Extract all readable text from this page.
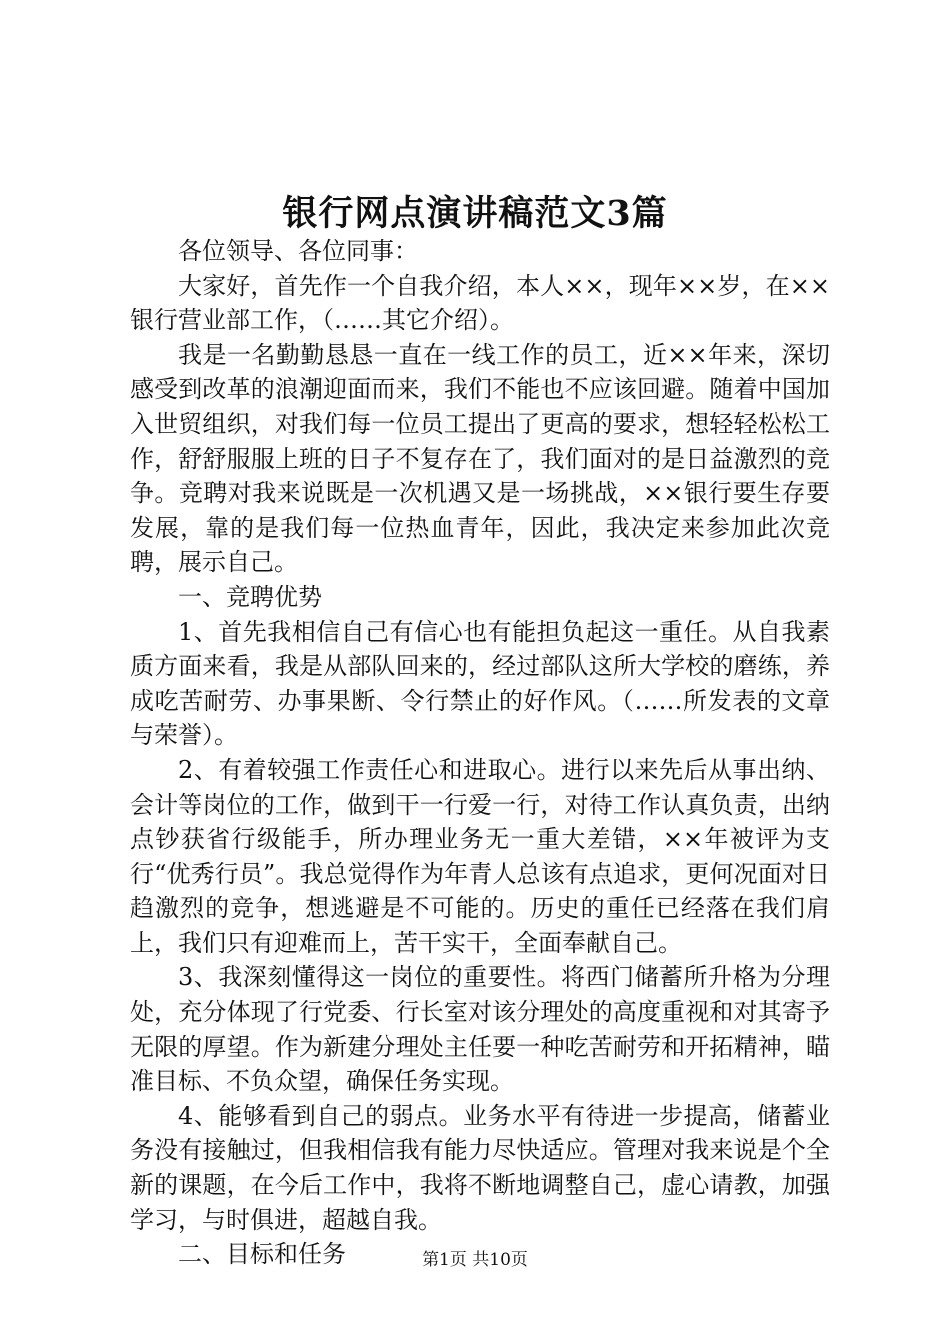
银行网点演讲稿范文3篇

各位领导、各位同事：

大家好，首先作一个自我介绍，本人××，现年××岁，在××银行营业部工作，（……其它介绍）。

我是一名勤勤恳恳一直在一线工作的员工，近××年来，深切感受到改革的浪潮迎面而来，我们不能也不应该回避。随着中国加入世贸组织，对我们每一位员工提出了更高的要求，想轻轻松松工作，舒舒服服上班的日子不复存在了，我们面对的是日益激烈的竞争。竞聘对我来说既是一次机遇又是一场挑战，××银行要生存要发展，靠的是我们每一位热血青年，因此，我决定来参加此次竞聘，展示自己。

一、竞聘优势

1、首先我相信自己有信心也有能担负起这一重任。从自我素质方面来看，我是从部队回来的，经过部队这所大学校的磨练，养成吃苦耐劳、办事果断、令行禁止的好作风。（……所发表的文章与荣誉）。

2、有着较强工作责任心和进取心。进行以来先后从事出纳、会计等岗位的工作，做到干一行爱一行，对待工作认真负责，出纳点钞获省行级能手，所办理业务无一重大差错，××年被评为支行“优秀行员”。我总觉得作为年青人总该有点追求，更何况面对日趋激烈的竞争，想逃避是不可能的。历史的重任已经落在我们肩上，我们只有迎难而上，苦干实干，全面奉献自己。

3、我深刻懂得这一岗位的重要性。将西门储蓄所升格为分理处，充分体现了行党委、行长室对该分理处的高度重视和对其寄予无限的厚望。作为新建分理处主任要一种吃苦耐劳和开拓精神，瞄准目标、不负众望，确保任务实现。

4、能够看到自己的弱点。业务水平有待进一步提高，储蓄业务没有接触过，但我相信我有能力尽快适应。管理对我来说是个全新的课题，在今后工作中，我将不断地调整自己，虚心请教，加强学习，与时俱进，超越自我。

二、目标和任务	第1页 共10页
